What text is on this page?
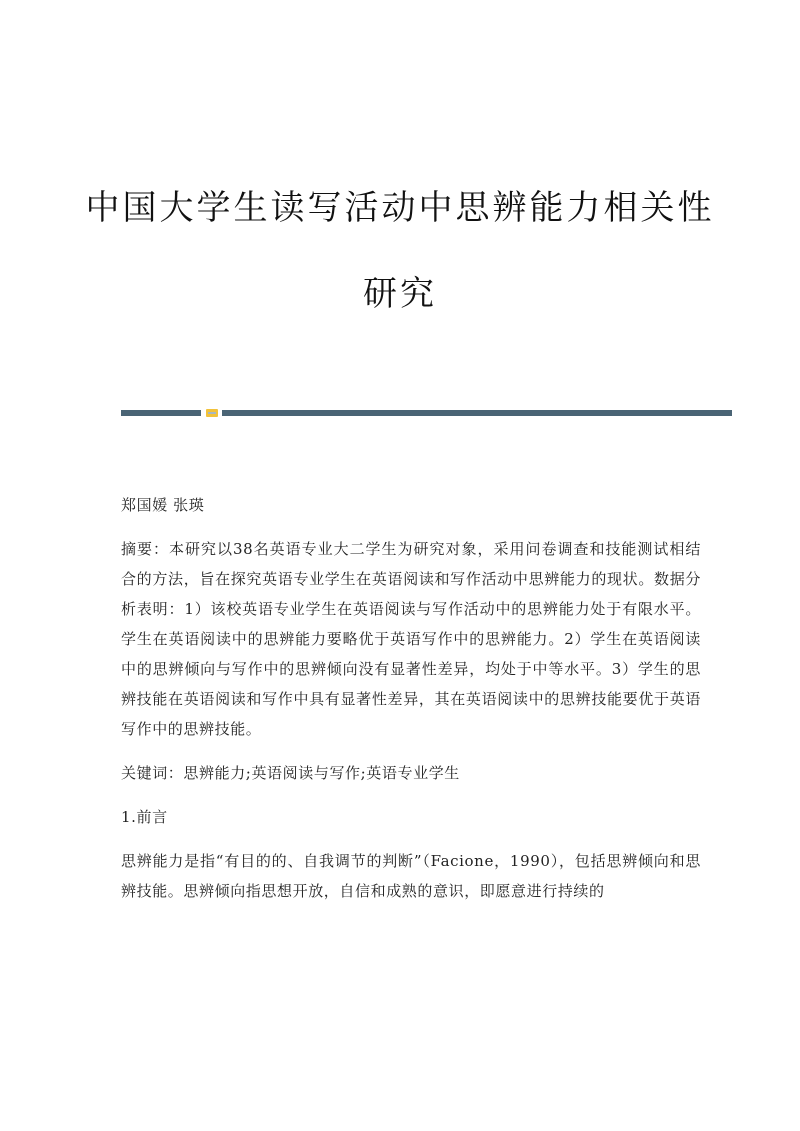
中国大学生读写活动中思辨能力相关性
研究

郑国媛 张瑛

摘要：本研究以38名英语专业大二学生为研究对象，采用问卷调查和技能测试相结合的方法，旨在探究英语专业学生在英语阅读和写作活动中思辨能力的现状。数据分析表明：1）该校英语专业学生在英语阅读与写作活动中的思辨能力处于有限水平。学生在英语阅读中的思辨能力要略优于英语写作中的思辨能力。2）学生在英语阅读中的思辨倾向与写作中的思辨倾向没有显著性差异，均处于中等水平。3）学生的思辨技能在英语阅读和写作中具有显著性差异，其在英语阅读中的思辨技能要优于英语写作中的思辨技能。

关键词：思辨能力;英语阅读与写作;英语专业学生

1.前言

思辨能力是指“有目的的、自我调节的判断”（Facione，1990），包括思辨倾向和思辨技能。思辨倾向指思想开放，自信和成熟的意识，即愿意进行持续的
